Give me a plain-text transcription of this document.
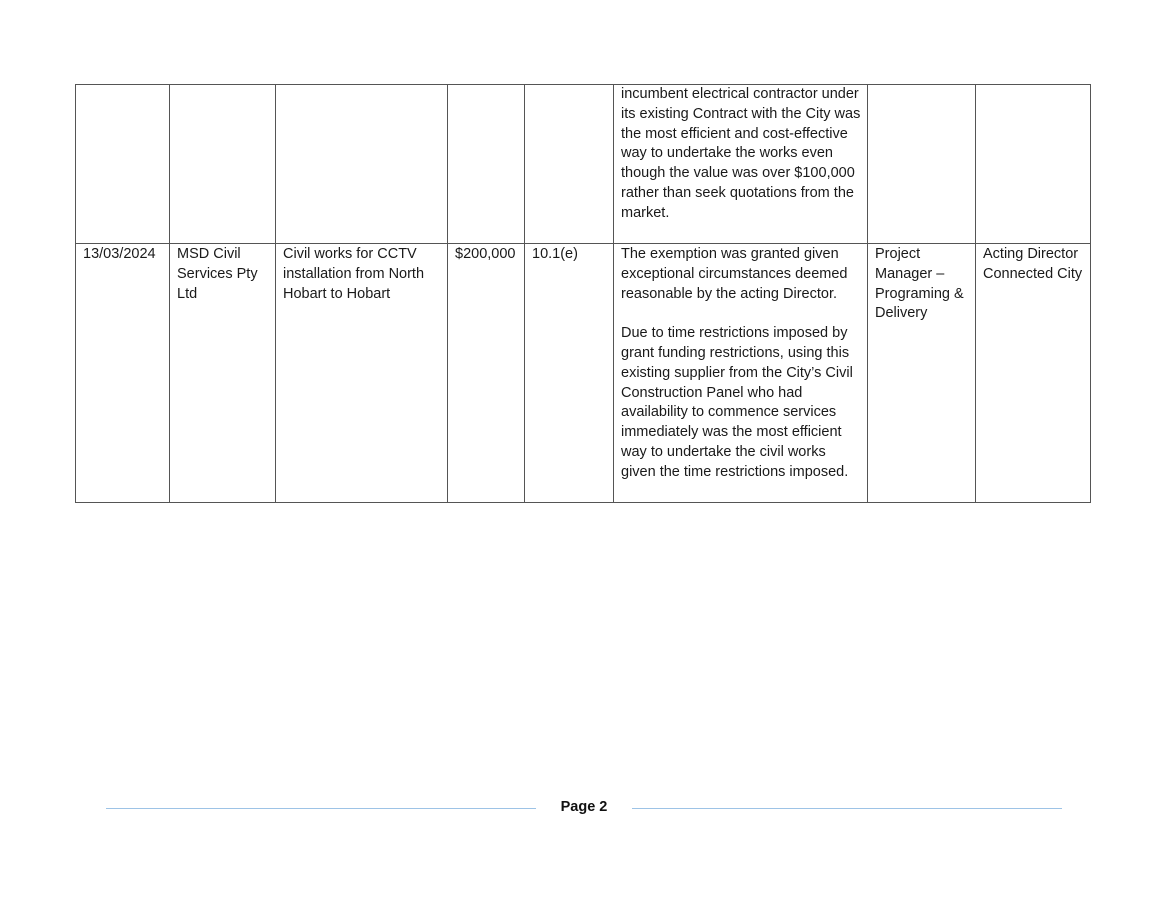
					incumbent electrical contractor under its existing Contract with the City was the most efficient and cost-effective way to undertake the works even though the value was over $100,000 rather than seek quotations from the market.		
13/03/2024	MSD Civil Services Pty Ltd	Civil works for CCTV installation from North Hobart to Hobart	$200,000	10.1(e)	The exemption was granted given exceptional circumstances deemed reasonable by the acting Director.

Due to time restrictions imposed by grant funding restrictions, using this existing supplier from the City’s Civil Construction Panel who had availability to commence services immediately was the most efficient way to undertake the civil works given the time restrictions imposed.	Project Manager – Programing & Delivery	Acting Director Connected City
Page 2
